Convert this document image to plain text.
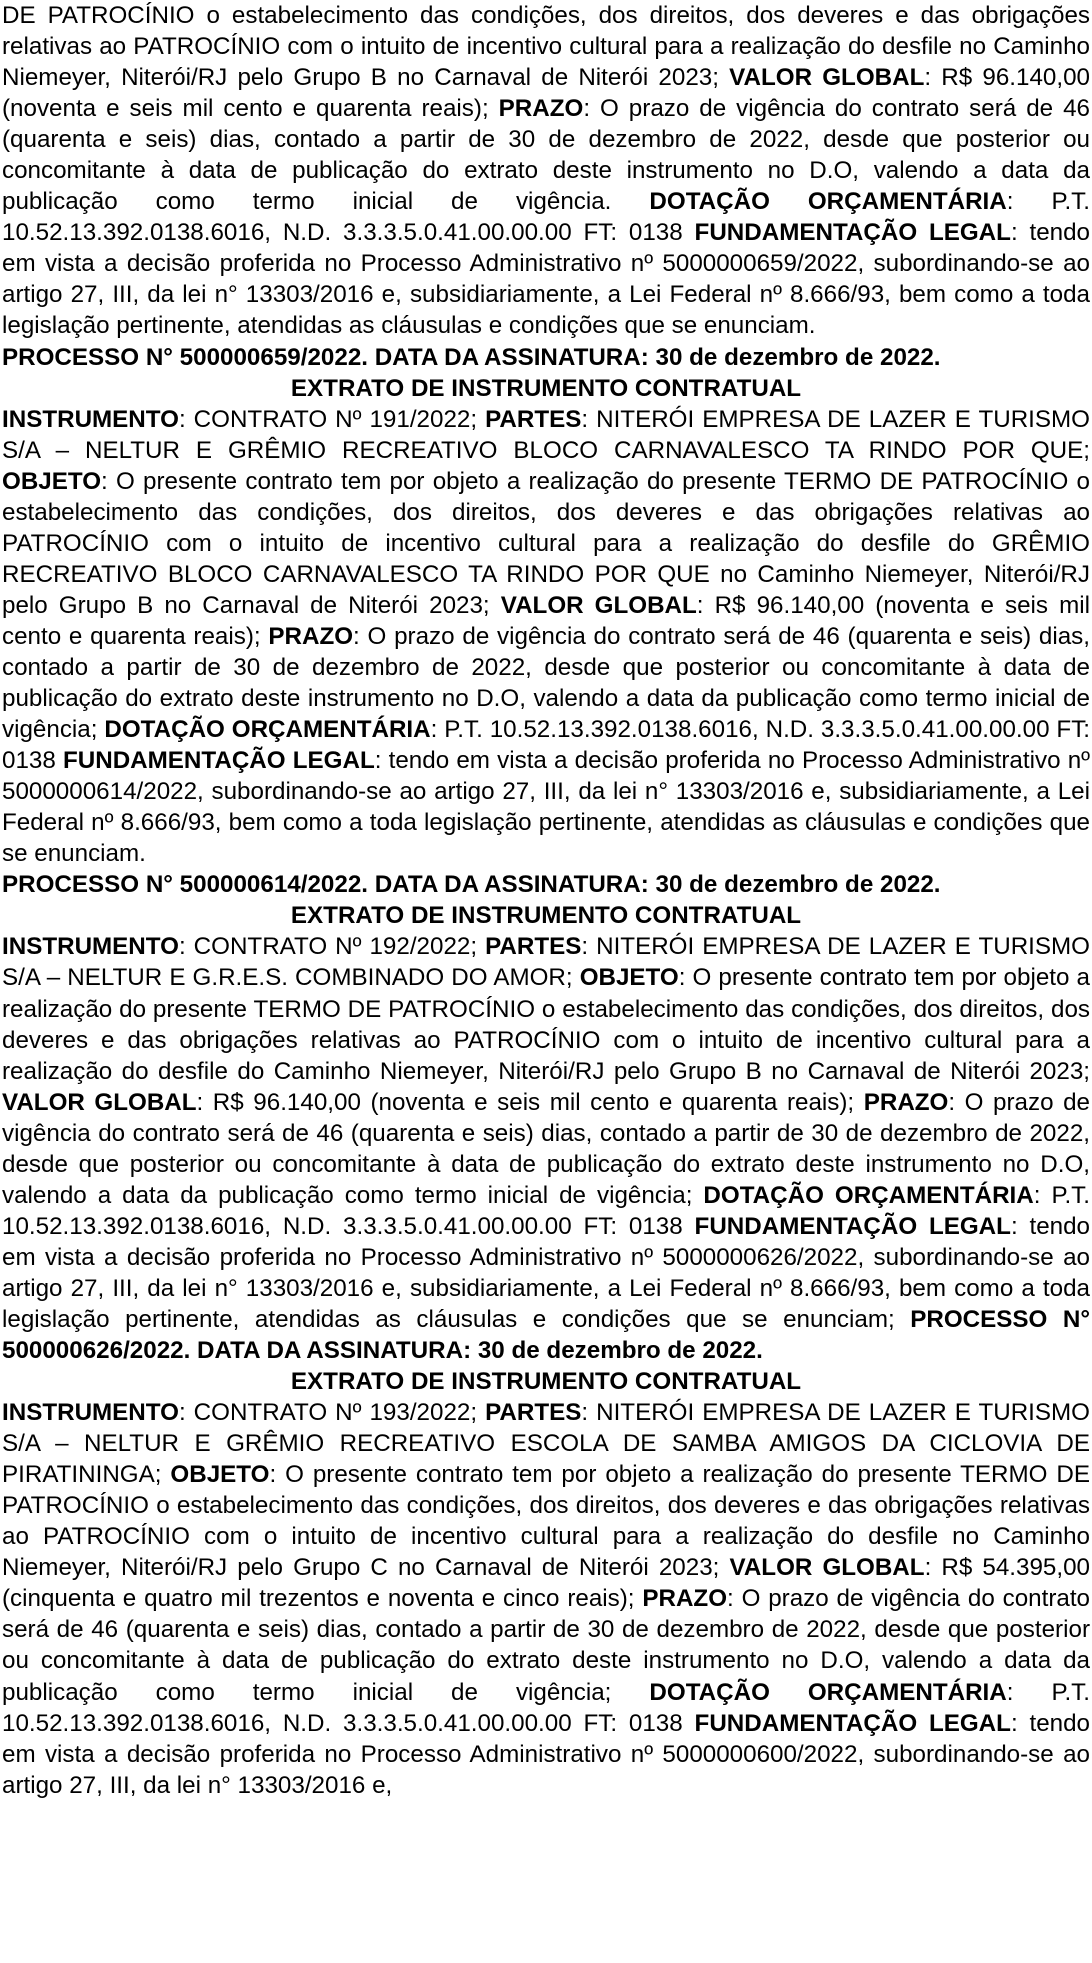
DE PATROCÍNIO o estabelecimento das condições, dos direitos, dos deveres e das obrigações relativas ao PATROCÍNIO com o intuito de incentivo cultural para a realização do desfile no Caminho Niemeyer, Niterói/RJ pelo Grupo B no Carnaval de Niterói 2023; VALOR GLOBAL: R$ 96.140,00 (noventa e seis mil cento e quarenta reais); PRAZO: O prazo de vigência do contrato será de 46 (quarenta e seis) dias, contado a partir de 30 de dezembro de 2022, desde que posterior ou concomitante à data de publicação do extrato deste instrumento no D.O, valendo a data da publicação como termo inicial de vigência. DOTAÇÃO ORÇAMENTÁRIA: P.T. 10.52.13.392.0138.6016, N.D. 3.3.3.5.0.41.00.00.00 FT: 0138 FUNDAMENTAÇÃO LEGAL: tendo em vista a decisão proferida no Processo Administrativo nº 5000000659/2022, subordinando-se ao artigo 27, III, da lei n° 13303/2016 e, subsidiariamente, a Lei Federal nº 8.666/93, bem como a toda legislação pertinente, atendidas as cláusulas e condições que se enunciam.

PROCESSO N° 500000659/2022. DATA DA ASSINATURA: 30 de dezembro de 2022.

EXTRATO DE INSTRUMENTO CONTRATUAL

INSTRUMENTO: CONTRATO Nº 191/2022; PARTES: NITERÓI EMPRESA DE LAZER E TURISMO S/A – NELTUR E GRÊMIO RECREATIVO BLOCO CARNAVALESCO TA RINDO POR QUE; OBJETO: O presente contrato tem por objeto a realização do presente TERMO DE PATROCÍNIO o estabelecimento das condições, dos direitos, dos deveres e das obrigações relativas ao PATROCÍNIO com o intuito de incentivo cultural para a realização do desfile do GRÊMIO RECREATIVO BLOCO CARNAVALESCO TA RINDO POR QUE no Caminho Niemeyer, Niterói/RJ pelo Grupo B no Carnaval de Niterói 2023; VALOR GLOBAL: R$ 96.140,00 (noventa e seis mil cento e quarenta reais); PRAZO: O prazo de vigência do contrato será de 46 (quarenta e seis) dias, contado a partir de 30 de dezembro de 2022, desde que posterior ou concomitante à data de publicação do extrato deste instrumento no D.O, valendo a data da publicação como termo inicial de vigência; DOTAÇÃO ORÇAMENTÁRIA: P.T. 10.52.13.392.0138.6016, N.D. 3.3.3.5.0.41.00.00.00 FT: 0138 FUNDAMENTAÇÃO LEGAL: tendo em vista a decisão proferida no Processo Administrativo nº 5000000614/2022, subordinando-se ao artigo 27, III, da lei n° 13303/2016 e, subsidiariamente, a Lei Federal nº 8.666/93, bem como a toda legislação pertinente, atendidas as cláusulas e condições que se enunciam.

PROCESSO N° 500000614/2022. DATA DA ASSINATURA: 30 de dezembro de 2022.

EXTRATO DE INSTRUMENTO CONTRATUAL

INSTRUMENTO: CONTRATO Nº 192/2022; PARTES: NITERÓI EMPRESA DE LAZER E TURISMO S/A – NELTUR E G.R.E.S. COMBINADO DO AMOR; OBJETO: O presente contrato tem por objeto a realização do presente TERMO DE PATROCÍNIO o estabelecimento das condições, dos direitos, dos deveres e das obrigações relativas ao PATROCÍNIO com o intuito de incentivo cultural para a realização do desfile do Caminho Niemeyer, Niterói/RJ pelo Grupo B no Carnaval de Niterói 2023; VALOR GLOBAL: R$ 96.140,00 (noventa e seis mil cento e quarenta reais); PRAZO: O prazo de vigência do contrato será de 46 (quarenta e seis) dias, contado a partir de 30 de dezembro de 2022, desde que posterior ou concomitante à data de publicação do extrato deste instrumento no D.O, valendo a data da publicação como termo inicial de vigência; DOTAÇÃO ORÇAMENTÁRIA: P.T. 10.52.13.392.0138.6016, N.D. 3.3.3.5.0.41.00.00.00 FT: 0138 FUNDAMENTAÇÃO LEGAL: tendo em vista a decisão proferida no Processo Administrativo nº 5000000626/2022, subordinando-se ao artigo 27, III, da lei n° 13303/2016 e, subsidiariamente, a Lei Federal nº 8.666/93, bem como a toda legislação pertinente, atendidas as cláusulas e condições que se enunciam; PROCESSO N° 500000626/2022. DATA DA ASSINATURA: 30 de dezembro de 2022.

EXTRATO DE INSTRUMENTO CONTRATUAL

INSTRUMENTO: CONTRATO Nº 193/2022; PARTES: NITERÓI EMPRESA DE LAZER E TURISMO S/A – NELTUR E GRÊMIO RECREATIVO ESCOLA DE SAMBA AMIGOS DA CICLOVIA DE PIRATININGA; OBJETO: O presente contrato tem por objeto a realização do presente TERMO DE PATROCÍNIO o estabelecimento das condições, dos direitos, dos deveres e das obrigações relativas ao PATROCÍNIO com o intuito de incentivo cultural para a realização do desfile no Caminho Niemeyer, Niterói/RJ pelo Grupo C no Carnaval de Niterói 2023; VALOR GLOBAL: R$ 54.395,00 (cinquenta e quatro mil trezentos e noventa e cinco reais); PRAZO: O prazo de vigência do contrato será de 46 (quarenta e seis) dias, contado a partir de 30 de dezembro de 2022, desde que posterior ou concomitante à data de publicação do extrato deste instrumento no D.O, valendo a data da publicação como termo inicial de vigência; DOTAÇÃO ORÇAMENTÁRIA: P.T. 10.52.13.392.0138.6016, N.D. 3.3.3.5.0.41.00.00.00 FT: 0138 FUNDAMENTAÇÃO LEGAL: tendo em vista a decisão proferida no Processo Administrativo nº 5000000600/2022, subordinando-se ao artigo 27, III, da lei n° 13303/2016 e,
